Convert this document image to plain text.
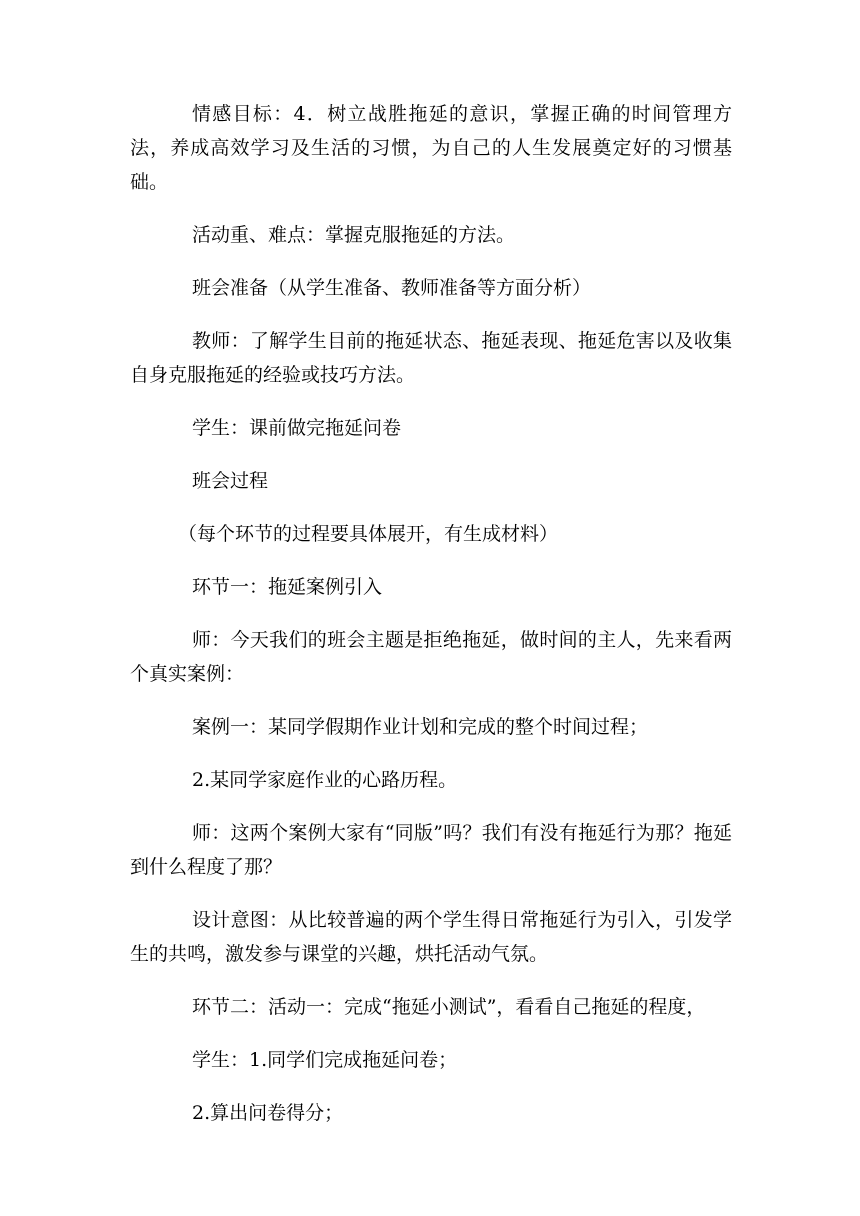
情感目标：4．树立战胜拖延的意识，掌握正确的时间管理方法，养成高效学习及生活的习惯，为自己的人生发展奠定好的习惯基础。

活动重、难点：掌握克服拖延的方法。

班会准备（从学生准备、教师准备等方面分析）

教师：了解学生目前的拖延状态、拖延表现、拖延危害以及收集自身克服拖延的经验或技巧方法。

学生：课前做完拖延问卷

班会过程

（每个环节的过程要具体展开，有生成材料）

环节一：拖延案例引入

师：今天我们的班会主题是拒绝拖延，做时间的主人，先来看两个真实案例：

案例一：某同学假期作业计划和完成的整个时间过程；

2.某同学家庭作业的心路历程。

师：这两个案例大家有“同版”吗？我们有没有拖延行为那？拖延到什么程度了那？

设计意图：从比较普遍的两个学生得日常拖延行为引入，引发学生的共鸣，激发参与课堂的兴趣，烘托活动气氛。

环节二：活动一：完成“拖延小测试”，看看自己拖延的程度，

学生：1.同学们完成拖延问卷；

2.算出问卷得分；
